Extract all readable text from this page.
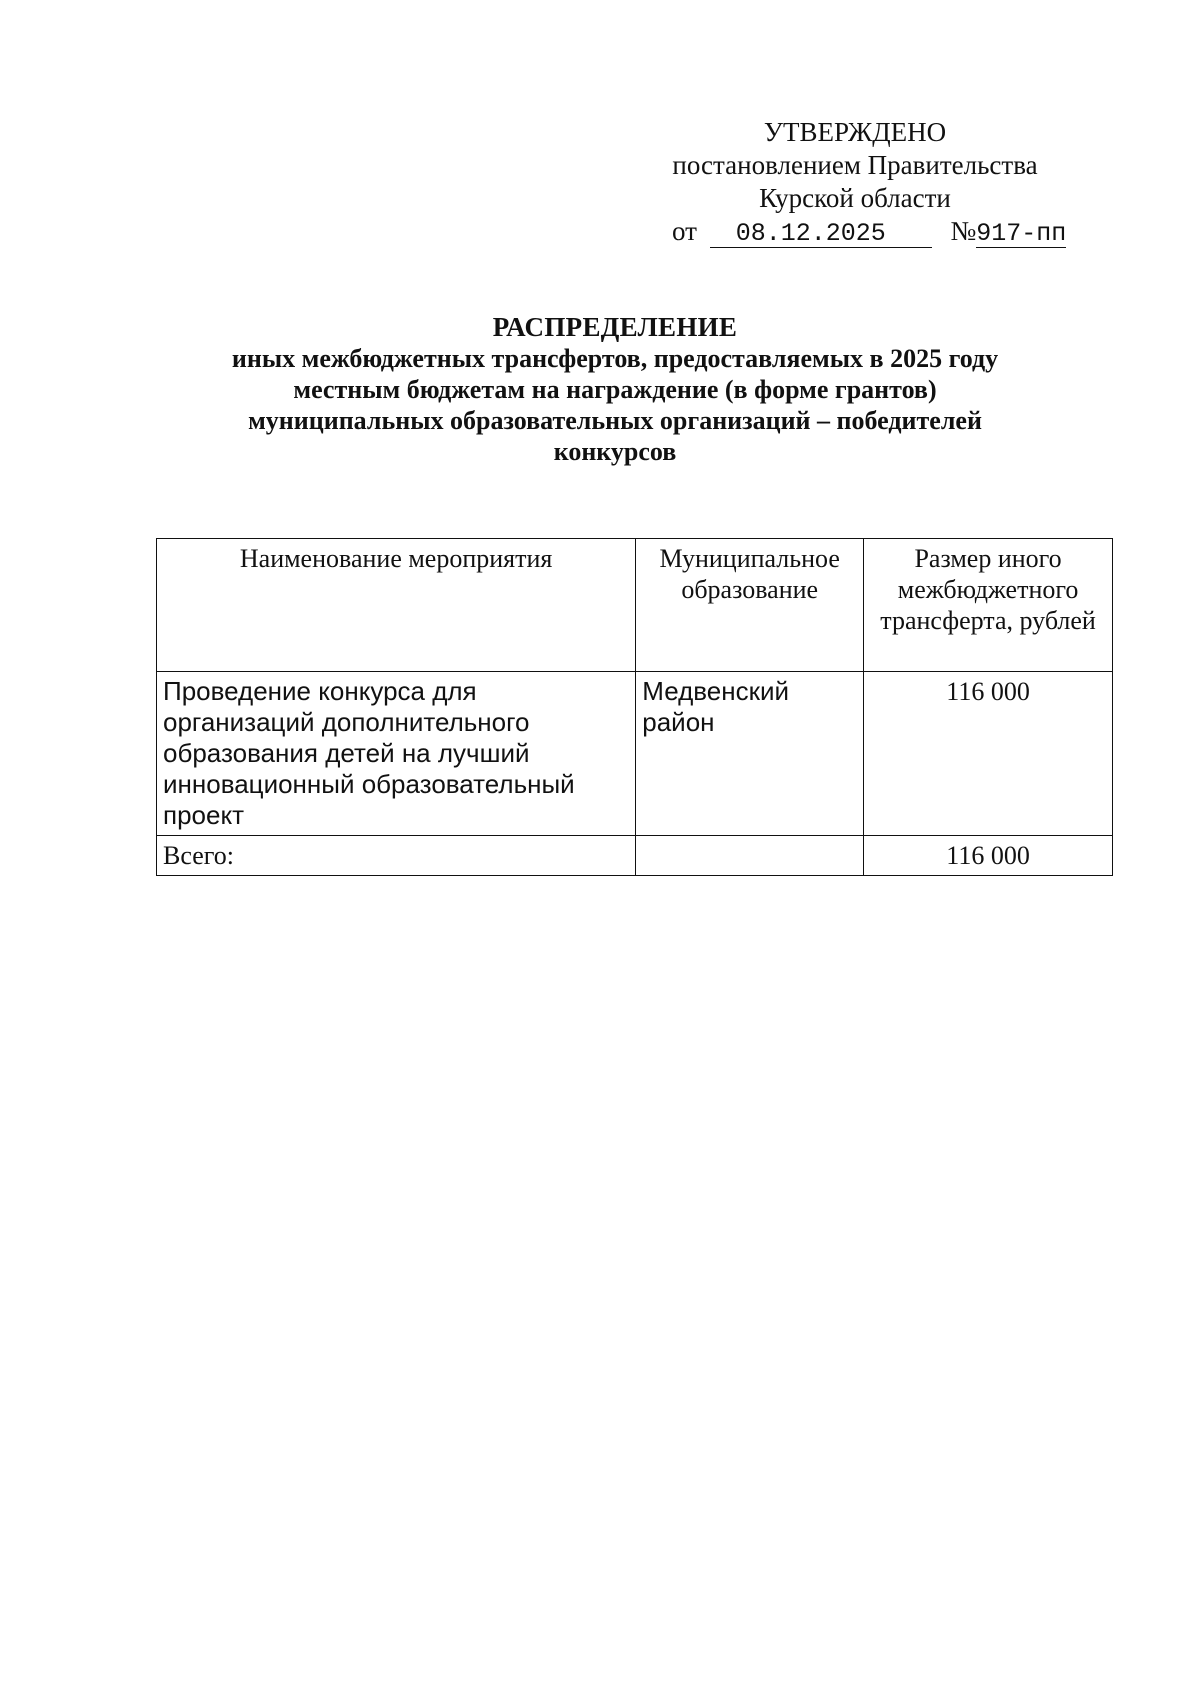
УТВЕРЖДЕНО
постановлением Правительства
Курской области
от 08.12.2025 №917-пп
РАСПРЕДЕЛЕНИЕ
иных межбюджетных трансфертов, предоставляемых в 2025 году
местным бюджетам на награждение (в форме грантов)
муниципальных образовательных организаций – победителей
конкурсов
Наименование мероприятия	Муниципальное образование	Размер иного межбюджетного трансферта, рублей
Проведение конкурса для организаций дополнительного образования детей на лучший инновационный образовательный проект	Медвенский район	116 000
Всего:		116 000
